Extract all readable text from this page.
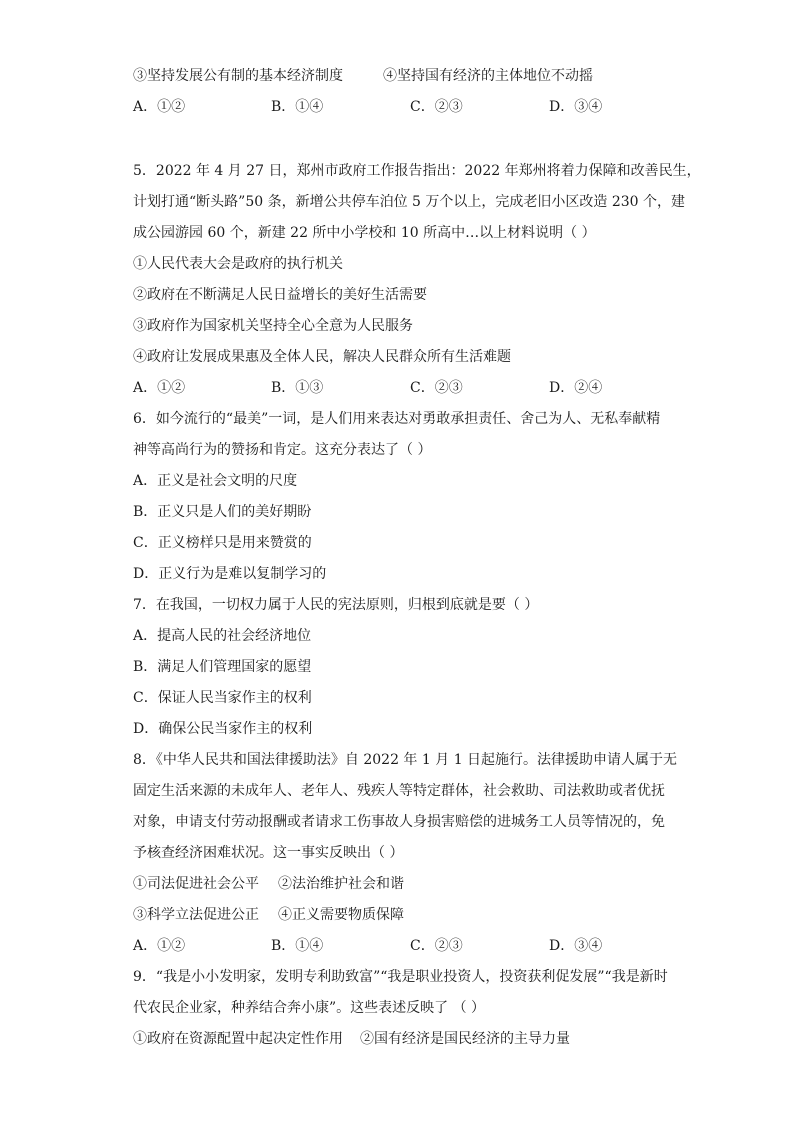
③坚持发展公有制的基本经济制度	④坚持国有经济的主体地位不动摇
A．①②	B．①④	C．②③	D．③④
5．2022 年 4 月 27 日，郑州市政府工作报告指出：2022 年郑州将着力保障和改善民生，
计划打通“断头路”50 条，新增公共停车泊位 5 万个以上，完成老旧小区改造 230 个，建
成公园游园 60 个，新建 22 所中小学校和 10 所高中…以上材料说明（ ）
①人民代表大会是政府的执行机关
②政府在不断满足人民日益增长的美好生活需要
③政府作为国家机关坚持全心全意为人民服务
④政府让发展成果惠及全体人民，解决人民群众所有生活难题
A．①②	B．①③	C．②③	D．②④
6．如今流行的“最美”一词，是人们用来表达对勇敢承担责任、舍己为人、无私奉献精
神等高尚行为的赞扬和肯定。这充分表达了（ ）
A．正义是社会文明的尺度
B．正义只是人们的美好期盼
C．正义榜样只是用来赞赏的
D．正义行为是难以复制学习的
7．在我国，一切权力属于人民的宪法原则，归根到底就是要（ ）
A．提高人民的社会经济地位
B．满足人们管理国家的愿望
C．保证人民当家作主的权利
D．确保公民当家作主的权利
8．《中华人民共和国法律援助法》自 2022 年 1 月 1 日起施行。法律援助申请人属于无
固定生活来源的未成年人、老年人、残疾人等特定群体，社会救助、司法救助或者优抚
对象，申请支付劳动报酬或者请求工伤事故人身损害赔偿的进城务工人员等情况的，免
予核查经济困难状况。这一事实反映出（ ）
①司法促进社会公平 ②法治维护社会和谐
③科学立法促进公正 ④正义需要物质保障
A．①②	B．①④	C．②③	D．③④
9．“我是小小发明家，发明专利助致富”“我是职业投资人，投资获利促发展”“我是新时
代农民企业家，种养结合奔小康”。这些表述反映了 （ ）
①政府在资源配置中起决定性作用 ②国有经济是国民经济的主导力量
